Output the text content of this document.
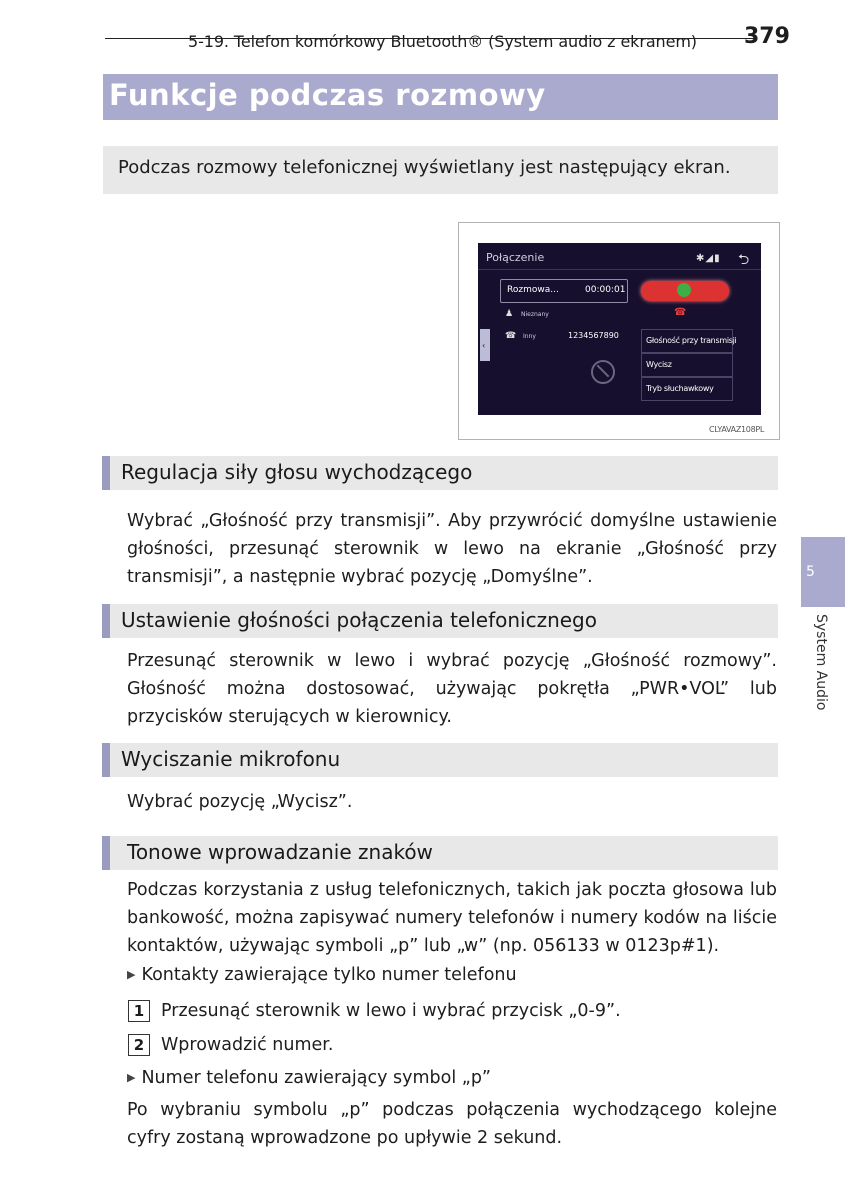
5-19. Telefon komórkowy Bluetooth® (System audio z ekranem) 379
Funkcje podczas rozmowy
Podczas rozmowy telefonicznej wyświetlany jest następujący ekran.
Połączenie	✱◢▮ ⮌
Rozmowa...	00:00:01
☎
♟ Nieznany
☎ Inny	1234567890
‹
Głośność przy transmisji
Wycisz
Tryb słuchawkowy
CLYAVAZ108PL
Regulacja siły głosu wychodzącego
Wybrać „Głośność przy transmisji”. Aby przywrócić domyślne ustawienie głośności, przesunąć sterownik w lewo na ekranie „Głośność przy transmisji”, a następnie wybrać pozycję „Domyślne”.
Ustawienie głośności połączenia telefonicznego
Przesunąć sterownik w lewo i wybrać pozycję „Głośność rozmowy”. Głośność można dostosować, używając pokrętła „PWR•VOL” lub przycisków sterujących w kierownicy.
Wyciszanie mikrofonu
Wybrać pozycję „Wycisz”.
Tonowe wprowadzanie znaków
Podczas korzystania z usług telefonicznych, takich jak poczta głosowa lub bankowość, można zapisywać numery telefonów i numery kodów na liście kontaktów, używając symboli „p” lub „w” (np. 056133 w 0123p#1).
▶ Kontakty zawierające tylko numer telefonu
1 Przesunąć sterownik w lewo i wybrać przycisk „0-9”.
2 Wprowadzić numer.
▶ Numer telefonu zawierający symbol „p”
Po wybraniu symbolu „p” podczas połączenia wychodzącego kolejne cyfry zostaną wprowadzone po upływie 2 sekund.
5
System Audio
